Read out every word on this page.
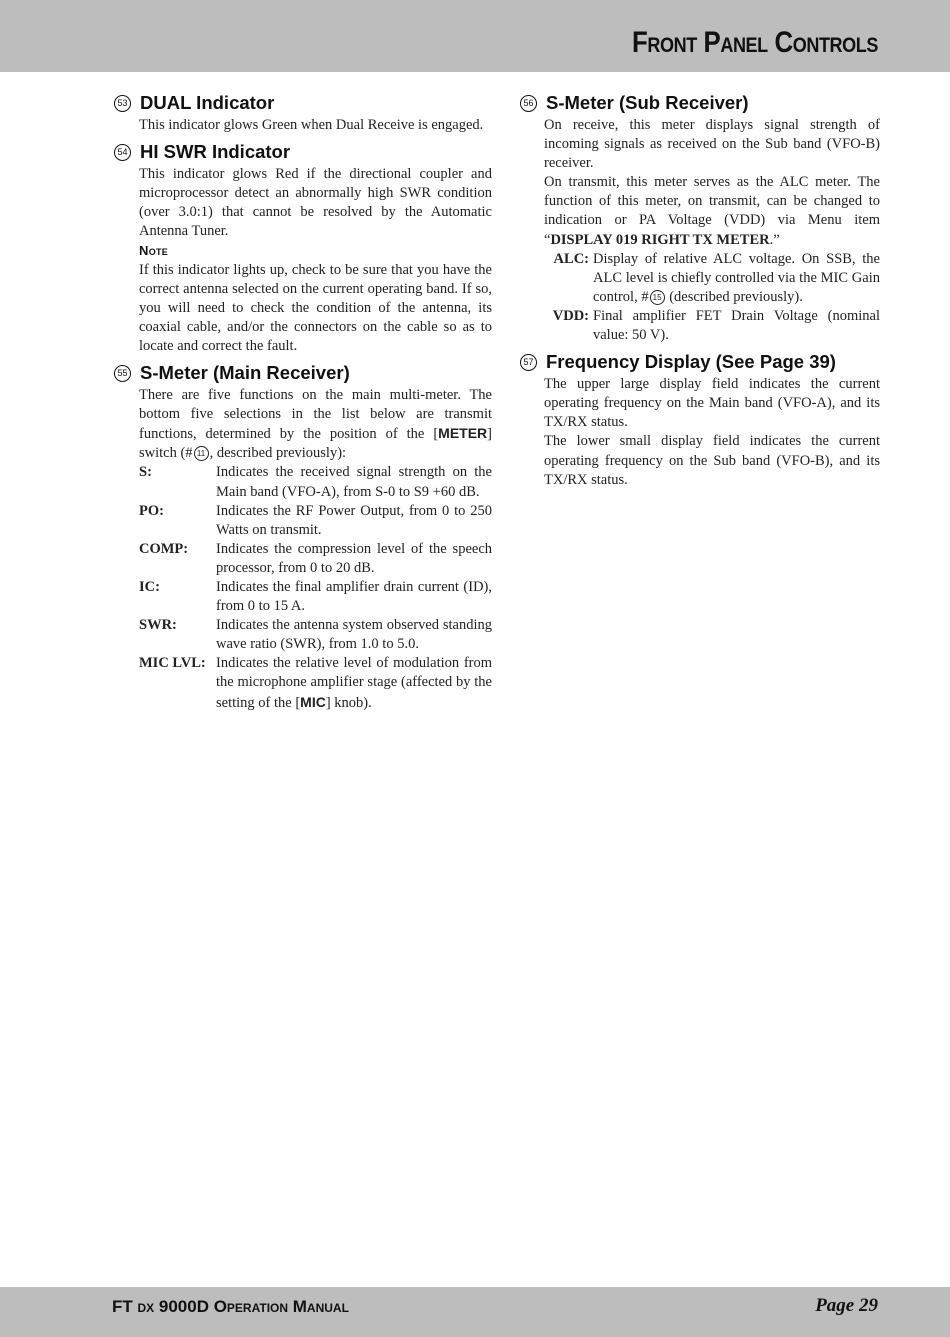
Front Panel Controls
53 DUAL Indicator

This indicator glows Green when Dual Receive is engaged.

54 HI SWR Indicator

This indicator glows Red if the directional coupler and microprocessor detect an abnormally high SWR condition (over 3.0:1) that cannot be resolved by the Automatic Antenna Tuner.

Note

If this indicator lights up, check to be sure that you have the correct antenna selected on the current operating band. If so, you will need to check the condition of the antenna, its coaxial cable, and/or the connectors on the cable so as to locate and correct the fault.

55 S-Meter (Main Receiver)

There are five functions on the main multi-meter. The bottom five selections in the list below are transmit functions, determined by the position of the [METER] switch (# 11 , described previously):

S:	Indicates the received signal strength on the Main band (VFO-A), from S-0 to S9 +60 dB.
PO:	Indicates the RF Power Output, from 0 to 250 Watts on transmit.
COMP:	Indicates the compression level of the speech processor, from 0 to 20 dB.
IC:	Indicates the final amplifier drain current (ID), from 0 to 15 A.
SWR:	Indicates the antenna system observed standing wave ratio (SWR), from 1.0 to 5.0.
MIC LVL: Indicates the relative level of modulation from the microphone amplifier stage (affected by the setting of the [MIC] knob).
56 S-Meter (Sub Receiver)

On receive, this meter displays signal strength of incoming signals as received on the Sub band (VFO-B) receiver.

On transmit, this meter serves as the ALC meter. The function of this meter, on transmit, can be changed to indication or PA Voltage (VDD) via Menu item “DISPLAY 019 RIGHT TX METER.”

ALC: Display of relative ALC voltage. On SSB, the ALC level is chiefly controlled via the MIC Gain control, # 15 (described previously).
VDD: Final amplifier FET Drain Voltage (nominal value: 50 V).
57 Frequency Display (See Page 39)

The upper large display field indicates the current operating frequency on the Main band (VFO-A), and its TX/RX status.

The lower small display field indicates the current operating frequency on the Sub band (VFO-B), and its TX/RX status.

FT dx 9000D Operation Manual	Page 29
